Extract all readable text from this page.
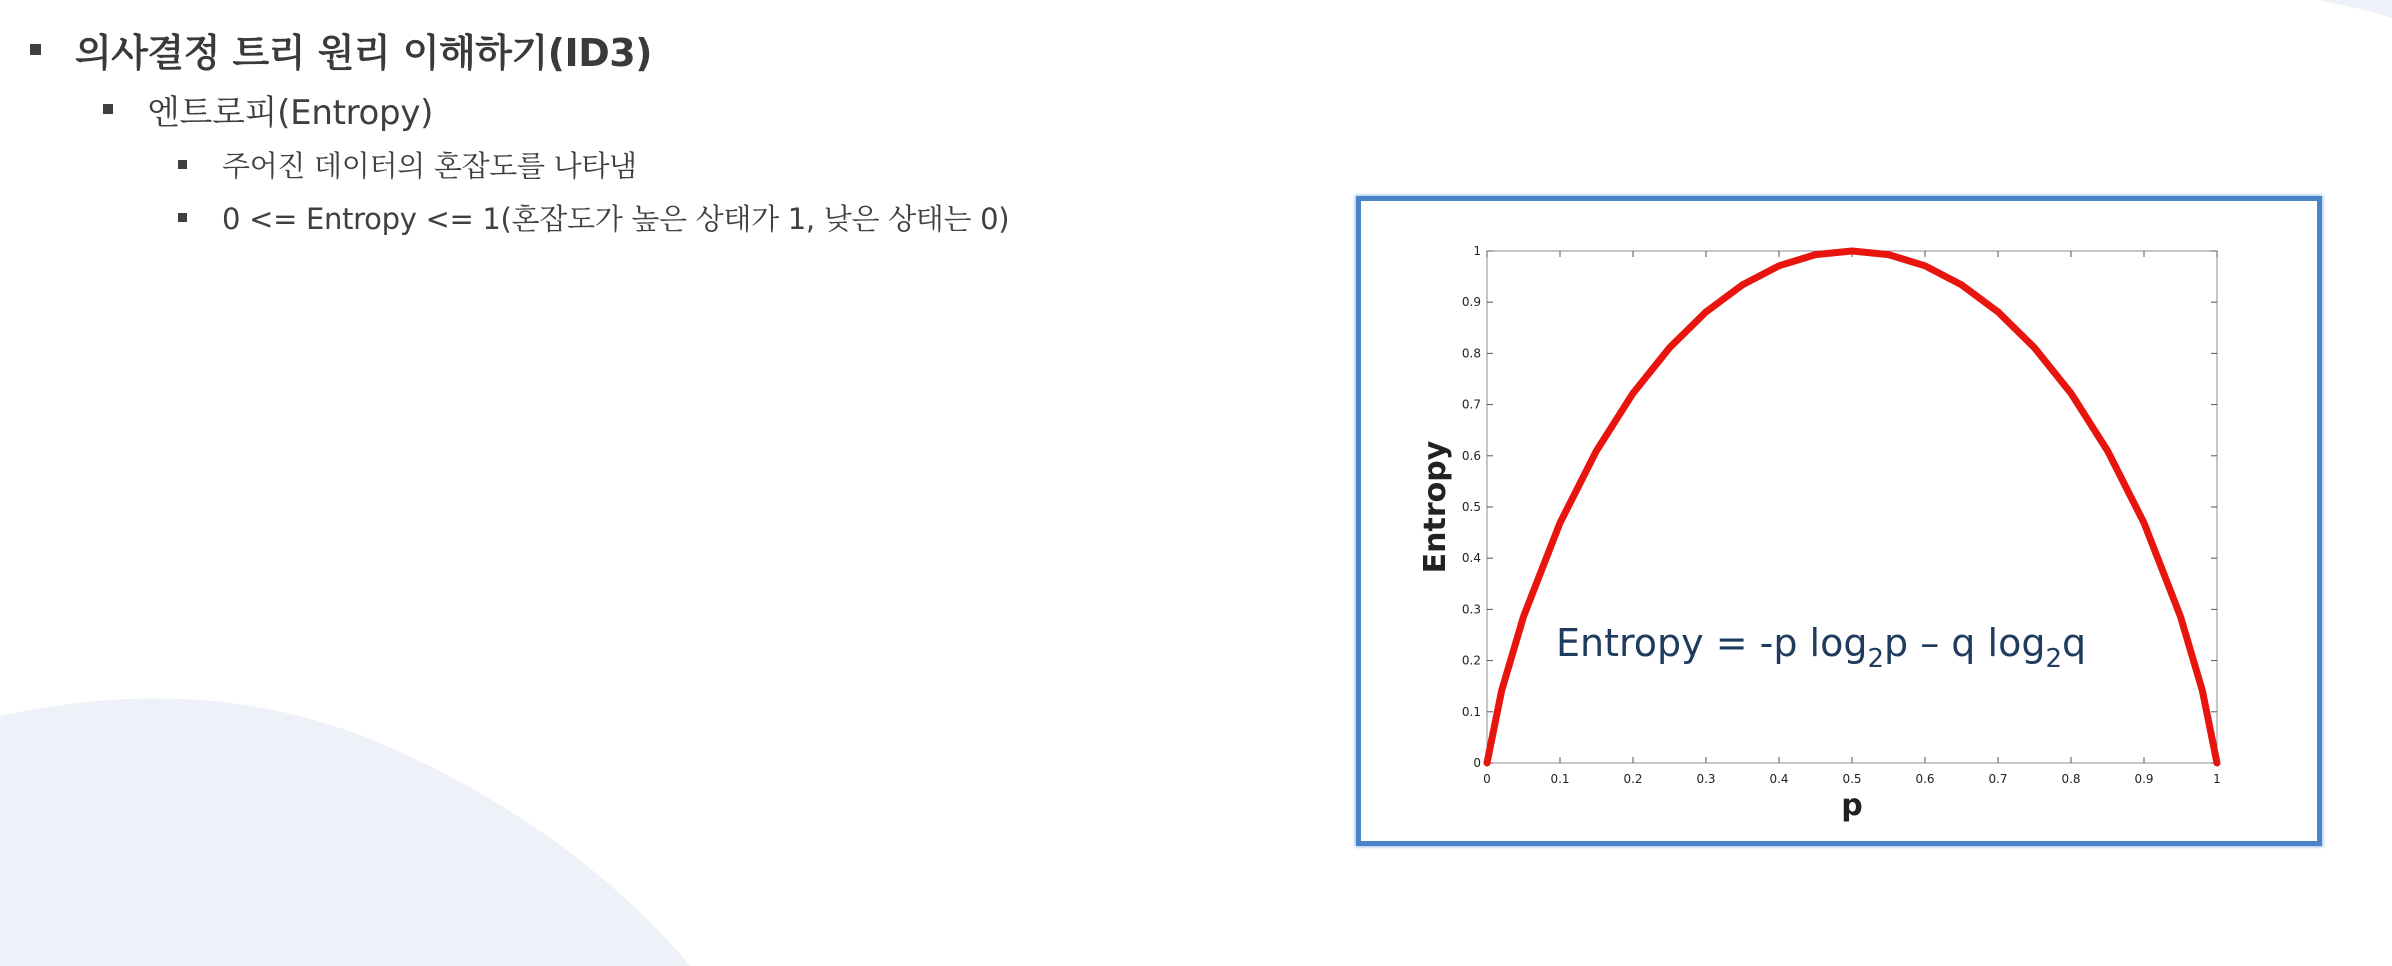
의사결정 트리 원리 이해하기(ID3)
엔트로피(Entropy)
주어진 데이터의 혼잡도를 나타냄
0 <= Entropy <= 1(혼잡도가 높은 상태가 1, 낮은 상태는 0)
0	0.1	0.2	0.3	0.4	0.5	0.6	0.7	0.8	0.9	1
0
0.1
0.2
0.3
0.4
0.5
0.6
0.7
0.8
0.9
1
p
Entropy
Entropy = -p $\log_2p$ – q $\log_2q$
